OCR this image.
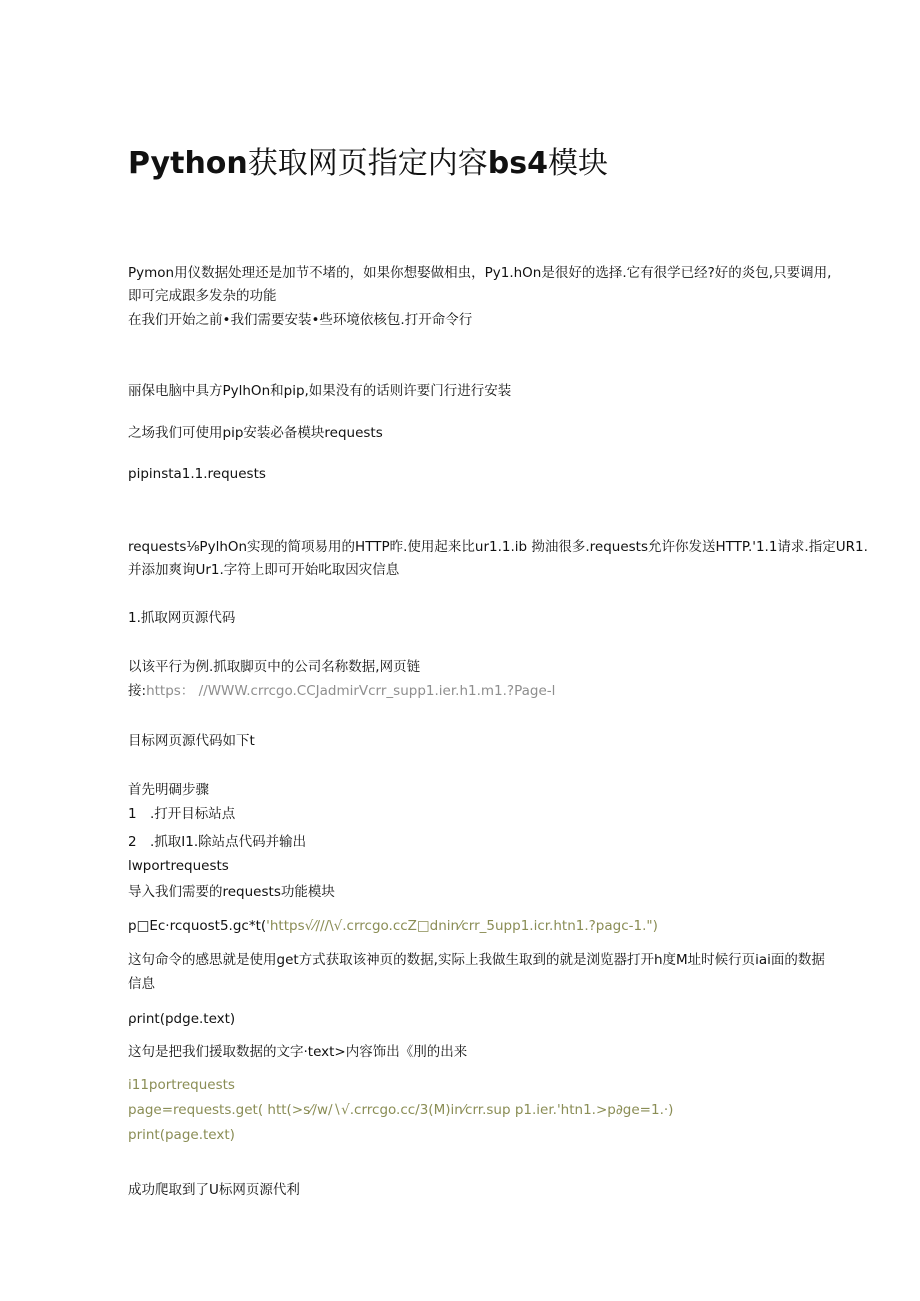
Python获取网页指定内容bs4模块

Pymon用仪数据处理还是加节不堵的，如果你想娶做相虫，Py1.hOn是很好的选择.它有很学已经?好的炎包,只要调用,

即可完成跟多发杂的功能

在我们开始之前•我们需要安装•些环境依核包.打开命令行

丽保电脑中具方PylhOn和pip,如果没有的话则许要门行进行安装

之场我们可使用pip安装必备模块requests

pipinsta1.1.requests

requests⅛PylhOn实现的简项易用的HTTP昨.使用起来比ur1.1.ib 拗油很多.requests允许你发送HTTP.'1.1请求.指定UR1.

并添加爽询Ur1.字符上即可开始叱取因灾信息

1.抓取网页源代码

以该平行为例.抓取脚页中的公司名称数据,网页链

接:https： //WWW.crrcgo.CCJadmirVcrr_supp1.ier.h1.m1.?Page-l

目标网页源代码如下t

首先明碉步骤

1 .打开目标站点

2 .抓取I1.除站点代码并输出

lwportrequests

导入我们需要的requests功能模块

p□Ec·rcquost5.gc*t('https√⁄∕∕/\√.crrcgo.ccZ□dnin⁄crr_5upp1.icr.htn1.?pagc-1.")

这句命令的感思就是使用get方式获取该神页的数据,实际上我做生取到的就是浏览器打开h度M址时候行页iai面的数据

信息

ρrint(pdge.text)

这句是把我们援取数据的文字·text>内容饰出《刖的出来

i11portrequests

page=requests.get( htt(>s⁄∕w∕∖√.crrcgo.cc∕3(M)in⁄crr.sup p1.ier.'htn1.>p∂ge=1.·)

print(page.text)

成功爬取到了U标网页源代利
